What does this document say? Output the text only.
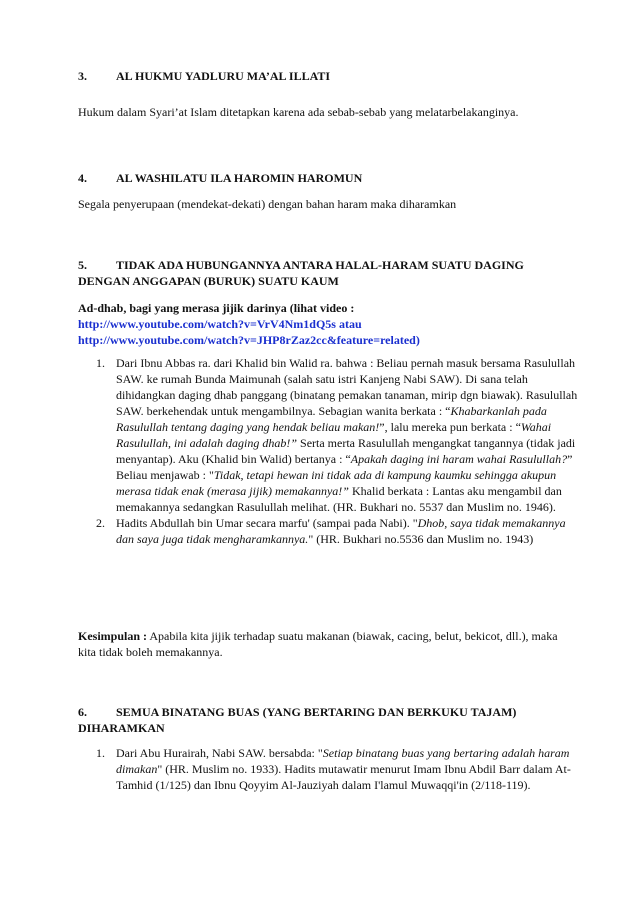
3. AL HUKMU YADLURU MA’AL ILLATI
Hukum dalam Syari’at Islam ditetapkan karena ada sebab-sebab yang melatarbelakanginya.
4. AL WASHILATU ILA HAROMIN HAROMUN
Segala penyerupaan (mendekat-dekati) dengan bahan haram maka diharamkan
5. TIDAK ADA HUBUNGANNYA ANTARA HALAL-HARAM SUATU DAGING
DENGAN ANGGAPAN (BURUK) SUATU KAUM
Ad-dhab, bagi yang merasa jijik darinya (lihat video :
http://www.youtube.com/watch?v=VrV4Nm1dQ5s atau
http://www.youtube.com/watch?v=JHP8rZaz2cc&feature=related)
1. Dari Ibnu Abbas ra. dari Khalid bin Walid ra. bahwa : Beliau pernah masuk bersama Rasulullah SAW. ke rumah Bunda Maimunah (salah satu istri Kanjeng Nabi SAW). Di sana telah dihidangkan daging dhab panggang (binatang pemakan tanaman, mirip dgn biawak). Rasulullah SAW. berkehendak untuk mengambilnya. Sebagian wanita berkata : “Khabarkanlah pada Rasulullah tentang daging yang hendak beliau makan!”, lalu mereka pun berkata : “Wahai Rasulullah, ini adalah daging dhab!” Serta merta Rasulullah mengangkat tangannya (tidak jadi menyantap). Aku (Khalid bin Walid) bertanya : “Apakah daging ini haram wahai Rasulullah?” Beliau menjawab : "Tidak, tetapi hewan ini tidak ada di kampung kaumku sehingga akupun merasa tidak enak (merasa jijik) memakannya!” Khalid berkata : Lantas aku mengambil dan memakannya sedangkan Rasulullah melihat. (HR. Bukhari no. 5537 dan Muslim no. 1946).
2. Hadits Abdullah bin Umar secara marfu' (sampai pada Nabi). "Dhob, saya tidak memakannya dan saya juga tidak mengharamkannya." (HR. Bukhari no.5536 dan Muslim no. 1943)
Kesimpulan : Apabila kita jijik terhadap suatu makanan (biawak, cacing, belut, bekicot, dll.), maka kita tidak boleh memakannya.
6. SEMUA BINATANG BUAS (YANG BERTARING DAN BERKUKU TAJAM)
DIHARAMKAN
1. Dari Abu Hurairah, Nabi SAW. bersabda: "Setiap binatang buas yang bertaring adalah haram dimakan" (HR. Muslim no. 1933). Hadits mutawatir menurut Imam Ibnu Abdil Barr dalam At-Tamhid (1/125) dan Ibnu Qoyyim Al-Jauziyah dalam I'lamul Muwaqqi'in (2/118-119).
